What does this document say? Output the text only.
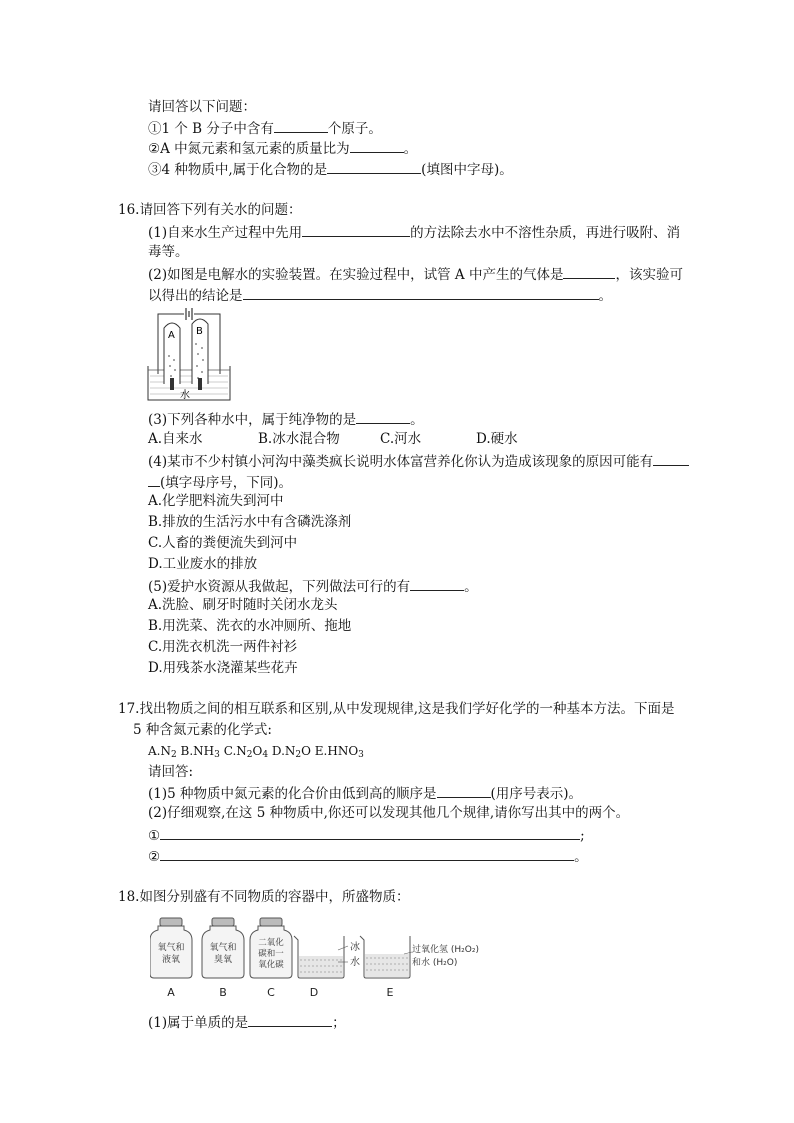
请回答以下问题：
①1 个 B 分子中含有	个原子。
②A 中氮元素和氢元素的质量比为	。
③4 种物质中,属于化合物的是	(填图中字母)。
16.请回答下列有关水的问题：
(1)自来水生产过程中先用	的方法除去水中不溶性杂质，再进行吸附、消
毒等。
(2)如图是电解水的实验装置。在实验过程中，试管 A 中产生的气体是	，该实验可
以得出的结论是	。
A B
水
(3)下列各种水中，属于纯净物的是	。
A.自来水	B.冰水混合物	C.河水	D.硬水
(4)某市不少村镇小河沟中藻类疯长说明水体富营养化你认为造成该现象的原因可能有
(填字母序号，下同)。
A.化学肥料流失到河中
B.排放的生活污水中有含磷洗涤剂
C.人畜的粪便流失到河中
D.工业废水的排放
(5)爱护水资源从我做起，下列做法可行的有	。
A.洗脸、刷牙时随时关闭水龙头
B.用洗菜、洗衣的水冲厕所、拖地
C.用洗衣机洗一两件衬衫
D.用残茶水浇灌某些花卉
17.找出物质之间的相互联系和区别,从中发现规律,这是我们学好化学的一种基本方法。下面是
5 种含氮元素的化学式:
$A.N_2$ $B.NH_3$ $C.N_2O_4$ $D.N_2O$ $E.HNO_3$
请回答:
(1)5 种物质中氮元素的化合价由低到高的顺序是	(用序号表示)。
(2)仔细观察,在这 5 种物质中,你还可以发现其他几个规律,请你写出其中的两个。
①	;
②	。
18.如图分别盛有不同物质的容器中，所盛物质：
氧气和
液氧
A
氧气和
臭氧
B
二氧化
碳和一
氧化碳
C
冰
水
D
过氧化氢 (H₂O₂)
和水 (H₂O)
E
(1)属于单质的是	；
